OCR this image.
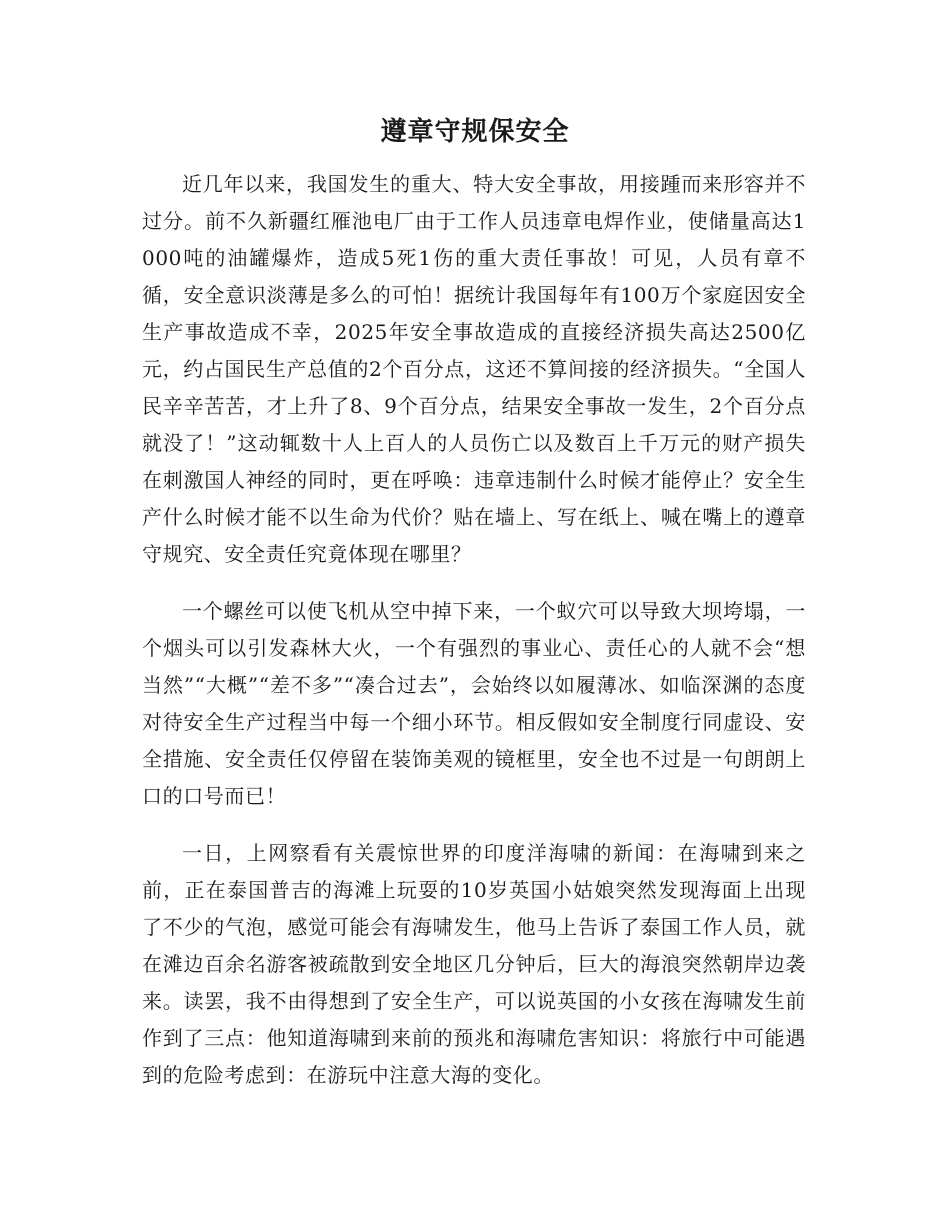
遵章守规保安全

近几年以来，我国发生的重大、特大安全事故，用接踵而来形容并不过分。前不久新疆红雁池电厂由于工作人员违章电焊作业，使储量高达1000吨的油罐爆炸，造成5死1伤的重大责任事故！可见，人员有章不循，安全意识淡薄是多么的可怕！据统计我国每年有100万个家庭因安全生产事故造成不幸，2025年安全事故造成的直接经济损失高达2500亿元，约占国民生产总值的2个百分点，这还不算间接的经济损失。“全国人民辛辛苦苦，才上升了8、9个百分点，结果安全事故一发生，2个百分点就没了！”这动辄数十人上百人的人员伤亡以及数百上千万元的财产损失在刺激国人神经的同时，更在呼唤：违章违制什么时候才能停止？安全生产什么时候才能不以生命为代价？贴在墙上、写在纸上、喊在嘴上的遵章守规究、安全责任究竟体现在哪里？

一个螺丝可以使飞机从空中掉下来，一个蚁穴可以导致大坝垮塌，一个烟头可以引发森林大火，一个有强烈的事业心、责任心的人就不会“想当然”“大概”“差不多”“凑合过去”，会始终以如履薄冰、如临深渊的态度对待安全生产过程当中每一个细小环节。相反假如安全制度行同虚设、安全措施、安全责任仅停留在装饰美观的镜框里，安全也不过是一句朗朗上口的口号而已！

一日，上网察看有关震惊世界的印度洋海啸的新闻：在海啸到来之前，正在泰国普吉的海滩上玩耍的10岁英国小姑娘突然发现海面上出现了不少的气泡，感觉可能会有海啸发生，他马上告诉了泰国工作人员，就在滩边百余名游客被疏散到安全地区几分钟后，巨大的海浪突然朝岸边袭来。读罢，我不由得想到了安全生产，可以说英国的小女孩在海啸发生前作到了三点：他知道海啸到来前的预兆和海啸危害知识：将旅行中可能遇到的危险考虑到：在游玩中注意大海的变化。
